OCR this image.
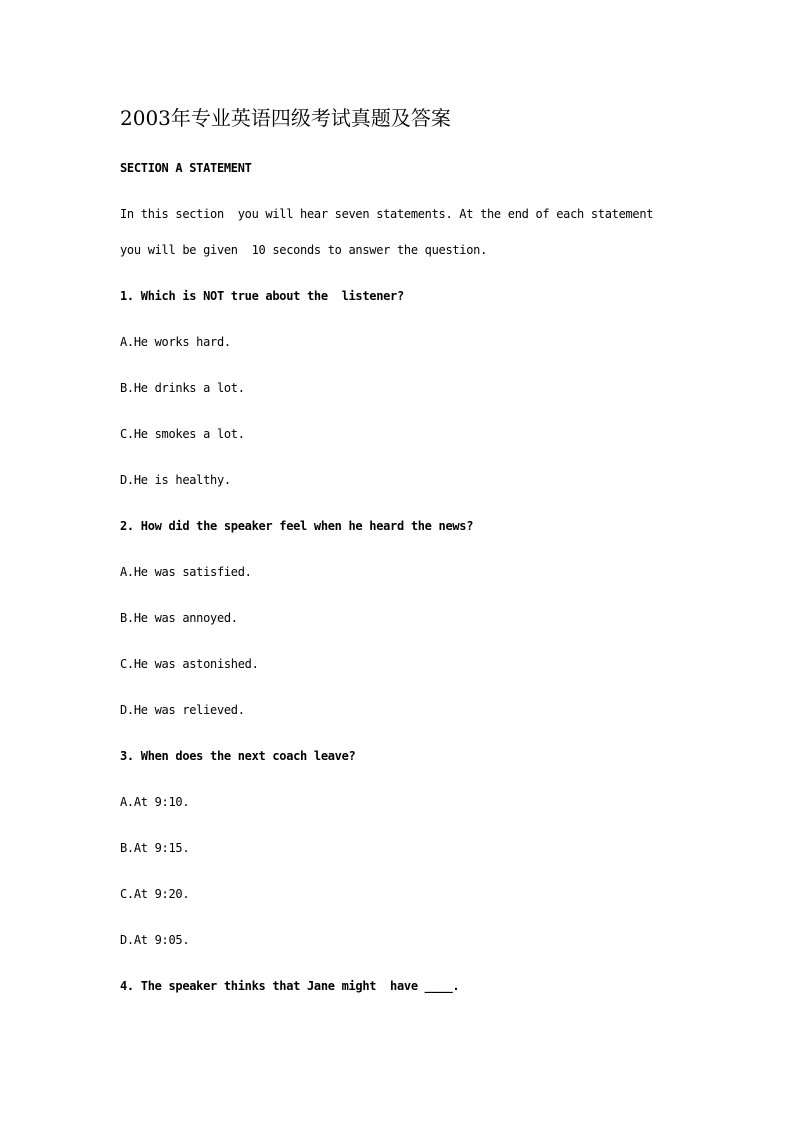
2003年专业英语四级考试真题及答案
SECTION A STATEMENT
In this section  you will hear seven statements. At the end of each statement
you will be given  10 seconds to answer the question.
1. Which is NOT true about the  listener?
A.He works hard.
B.He drinks a lot.
C.He smokes a lot.
D.He is healthy.
2. How did the speaker feel when he heard the news?
A.He was satisfied.
B.He was annoyed.
C.He was astonished.
D.He was relieved.
3. When does the next coach leave?
A.At 9:10.
B.At 9:15.
C.At 9:20.
D.At 9:05.
4. The speaker thinks that Jane might  have ____.
